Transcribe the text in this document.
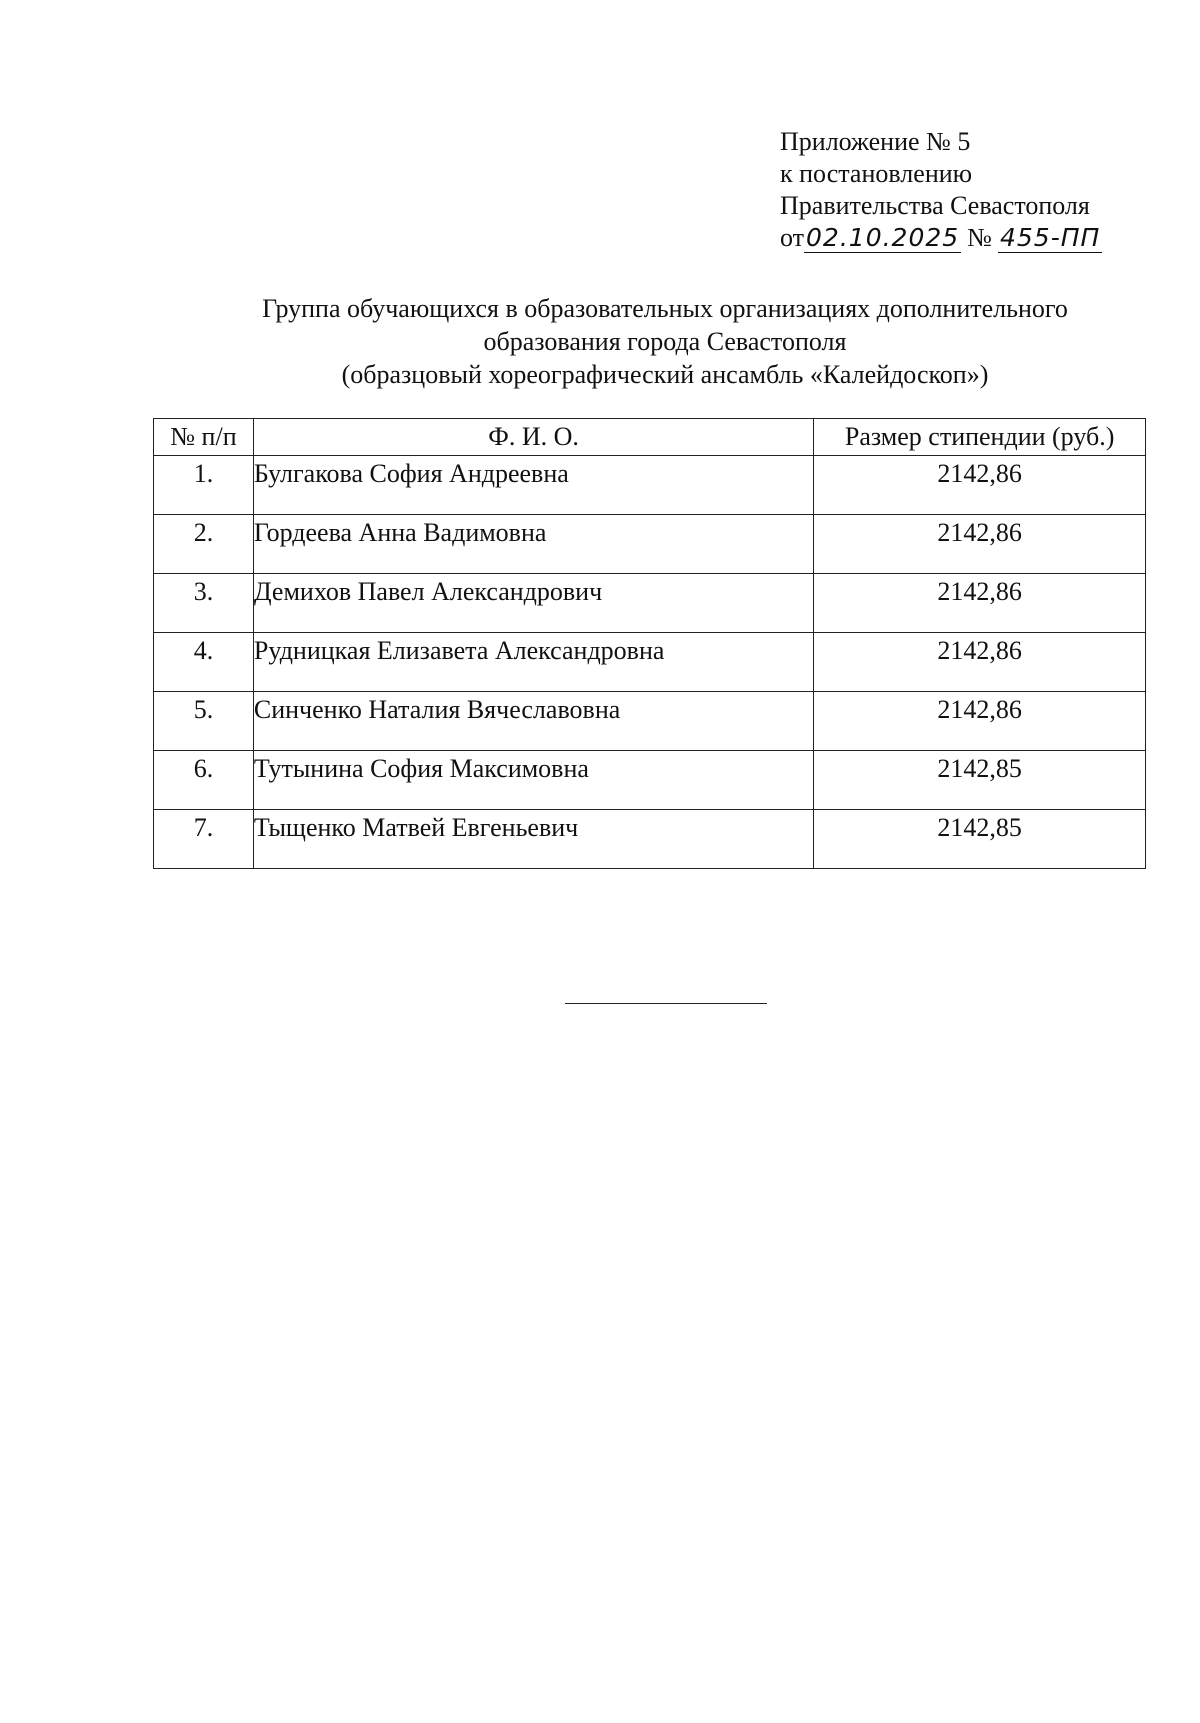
Приложение № 5
к постановлению
Правительства Севастополя
от02.10.2025 № 455-ПП
Группа обучающихся в образовательных организациях дополнительного
образования города Севастополя
(образцовый хореографический ансамбль «Калейдоскоп»)
№ п/п	Ф. И. О.	Размер стипендии (руб.)
1.	Булгакова София Андреевна	2142,86
2.	Гордеева Анна Вадимовна	2142,86
3.	Демихов Павел Александрович	2142,86
4.	Рудницкая Елизавета Александровна	2142,86
5.	Синченко Наталия Вячеславовна	2142,86
6.	Тутынина София Максимовна	2142,85
7.	Тыщенко Матвей Евгеньевич	2142,85
